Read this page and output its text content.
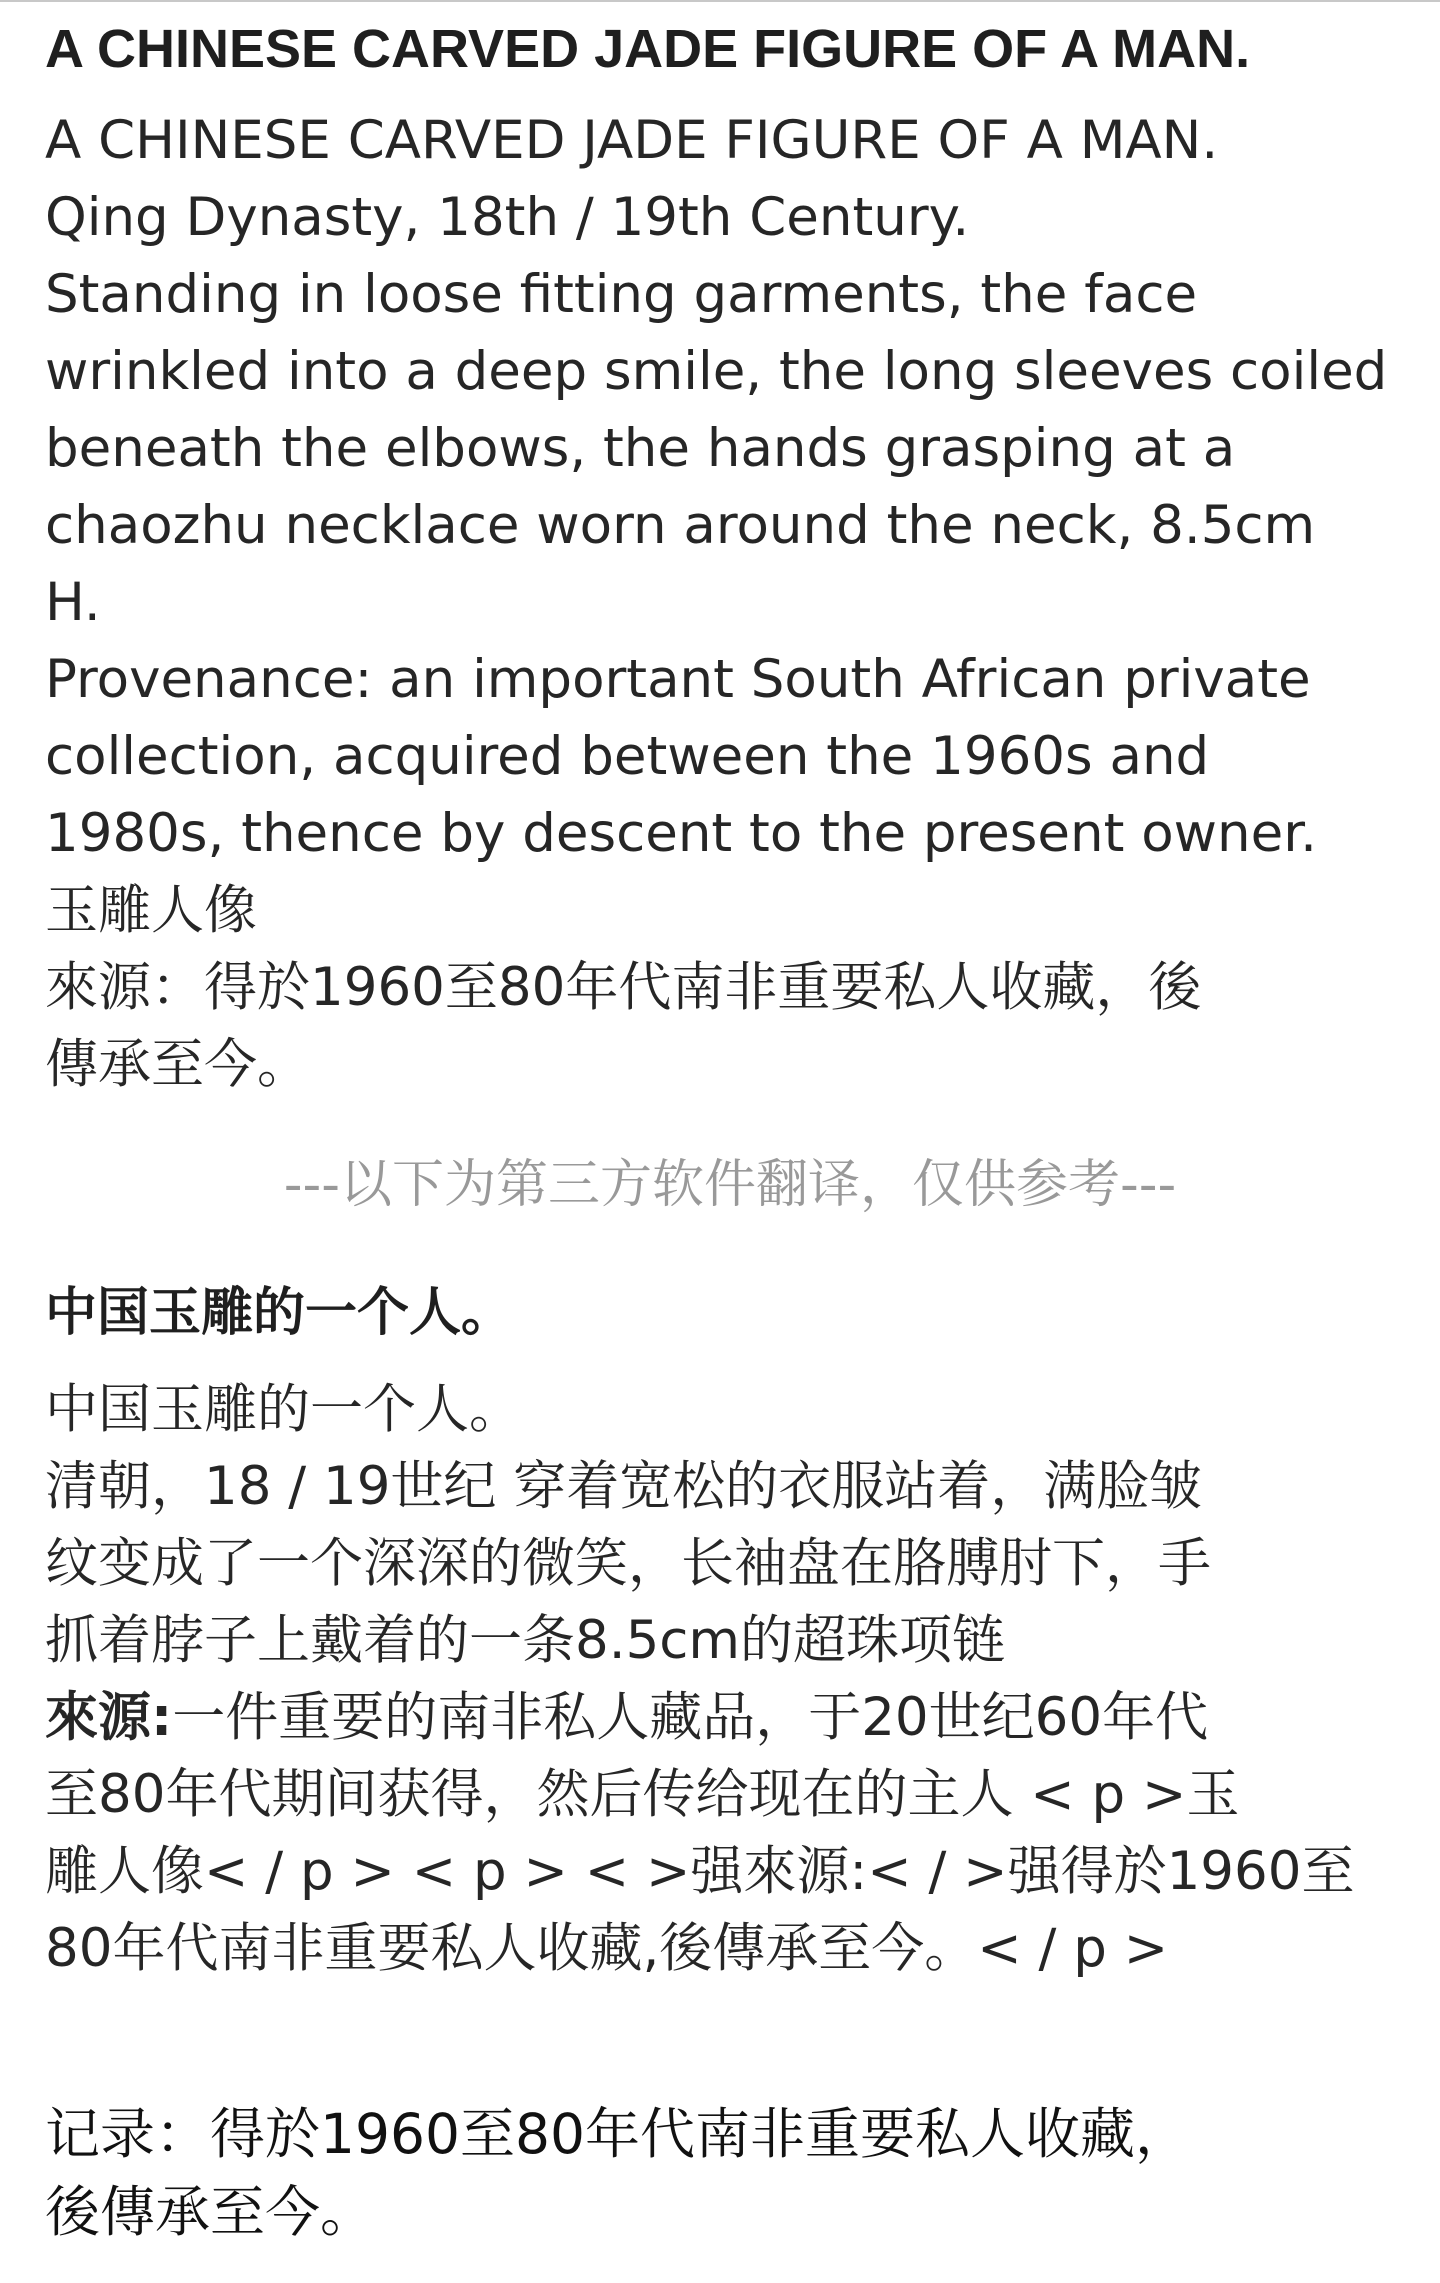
A CHINESE CARVED JADE FIGURE OF A MAN.
A CHINESE CARVED JADE FIGURE OF A MAN.
Qing Dynasty, 18th / 19th Century.
Standing in loose fitting garments, the face
wrinkled into a deep smile, the long sleeves coiled
beneath the elbows, the hands grasping at a
chaozhu necklace worn around the neck, 8.5cm
H.
Provenance: an important South African private
collection, acquired between the 1960s and
1980s, thence by descent to the present owner.
玉雕人像
來源：得於1960至80年代南非重要私人收藏，後
傳承至今。
---以下为第三方软件翻译，仅供参考---
中国玉雕的一个人。
中国玉雕的一个人。
清朝，18 / 19世纪 穿着宽松的衣服站着，满脸皱
纹变成了一个深深的微笑，长袖盘在胳膊肘下，手
抓着脖子上戴着的一条8.5cm的超珠项链
來源:一件重要的南非私人藏品，于20世纪60年代
至80年代期间获得，然后传给现在的主人 < p >玉
雕人像< / p > < p > < >强來源:< / >强得於1960至
80年代南非重要私人收藏,後傳承至今。< / p >
记录：得於1960至80年代南非重要私人收藏，
後傳承至今。
